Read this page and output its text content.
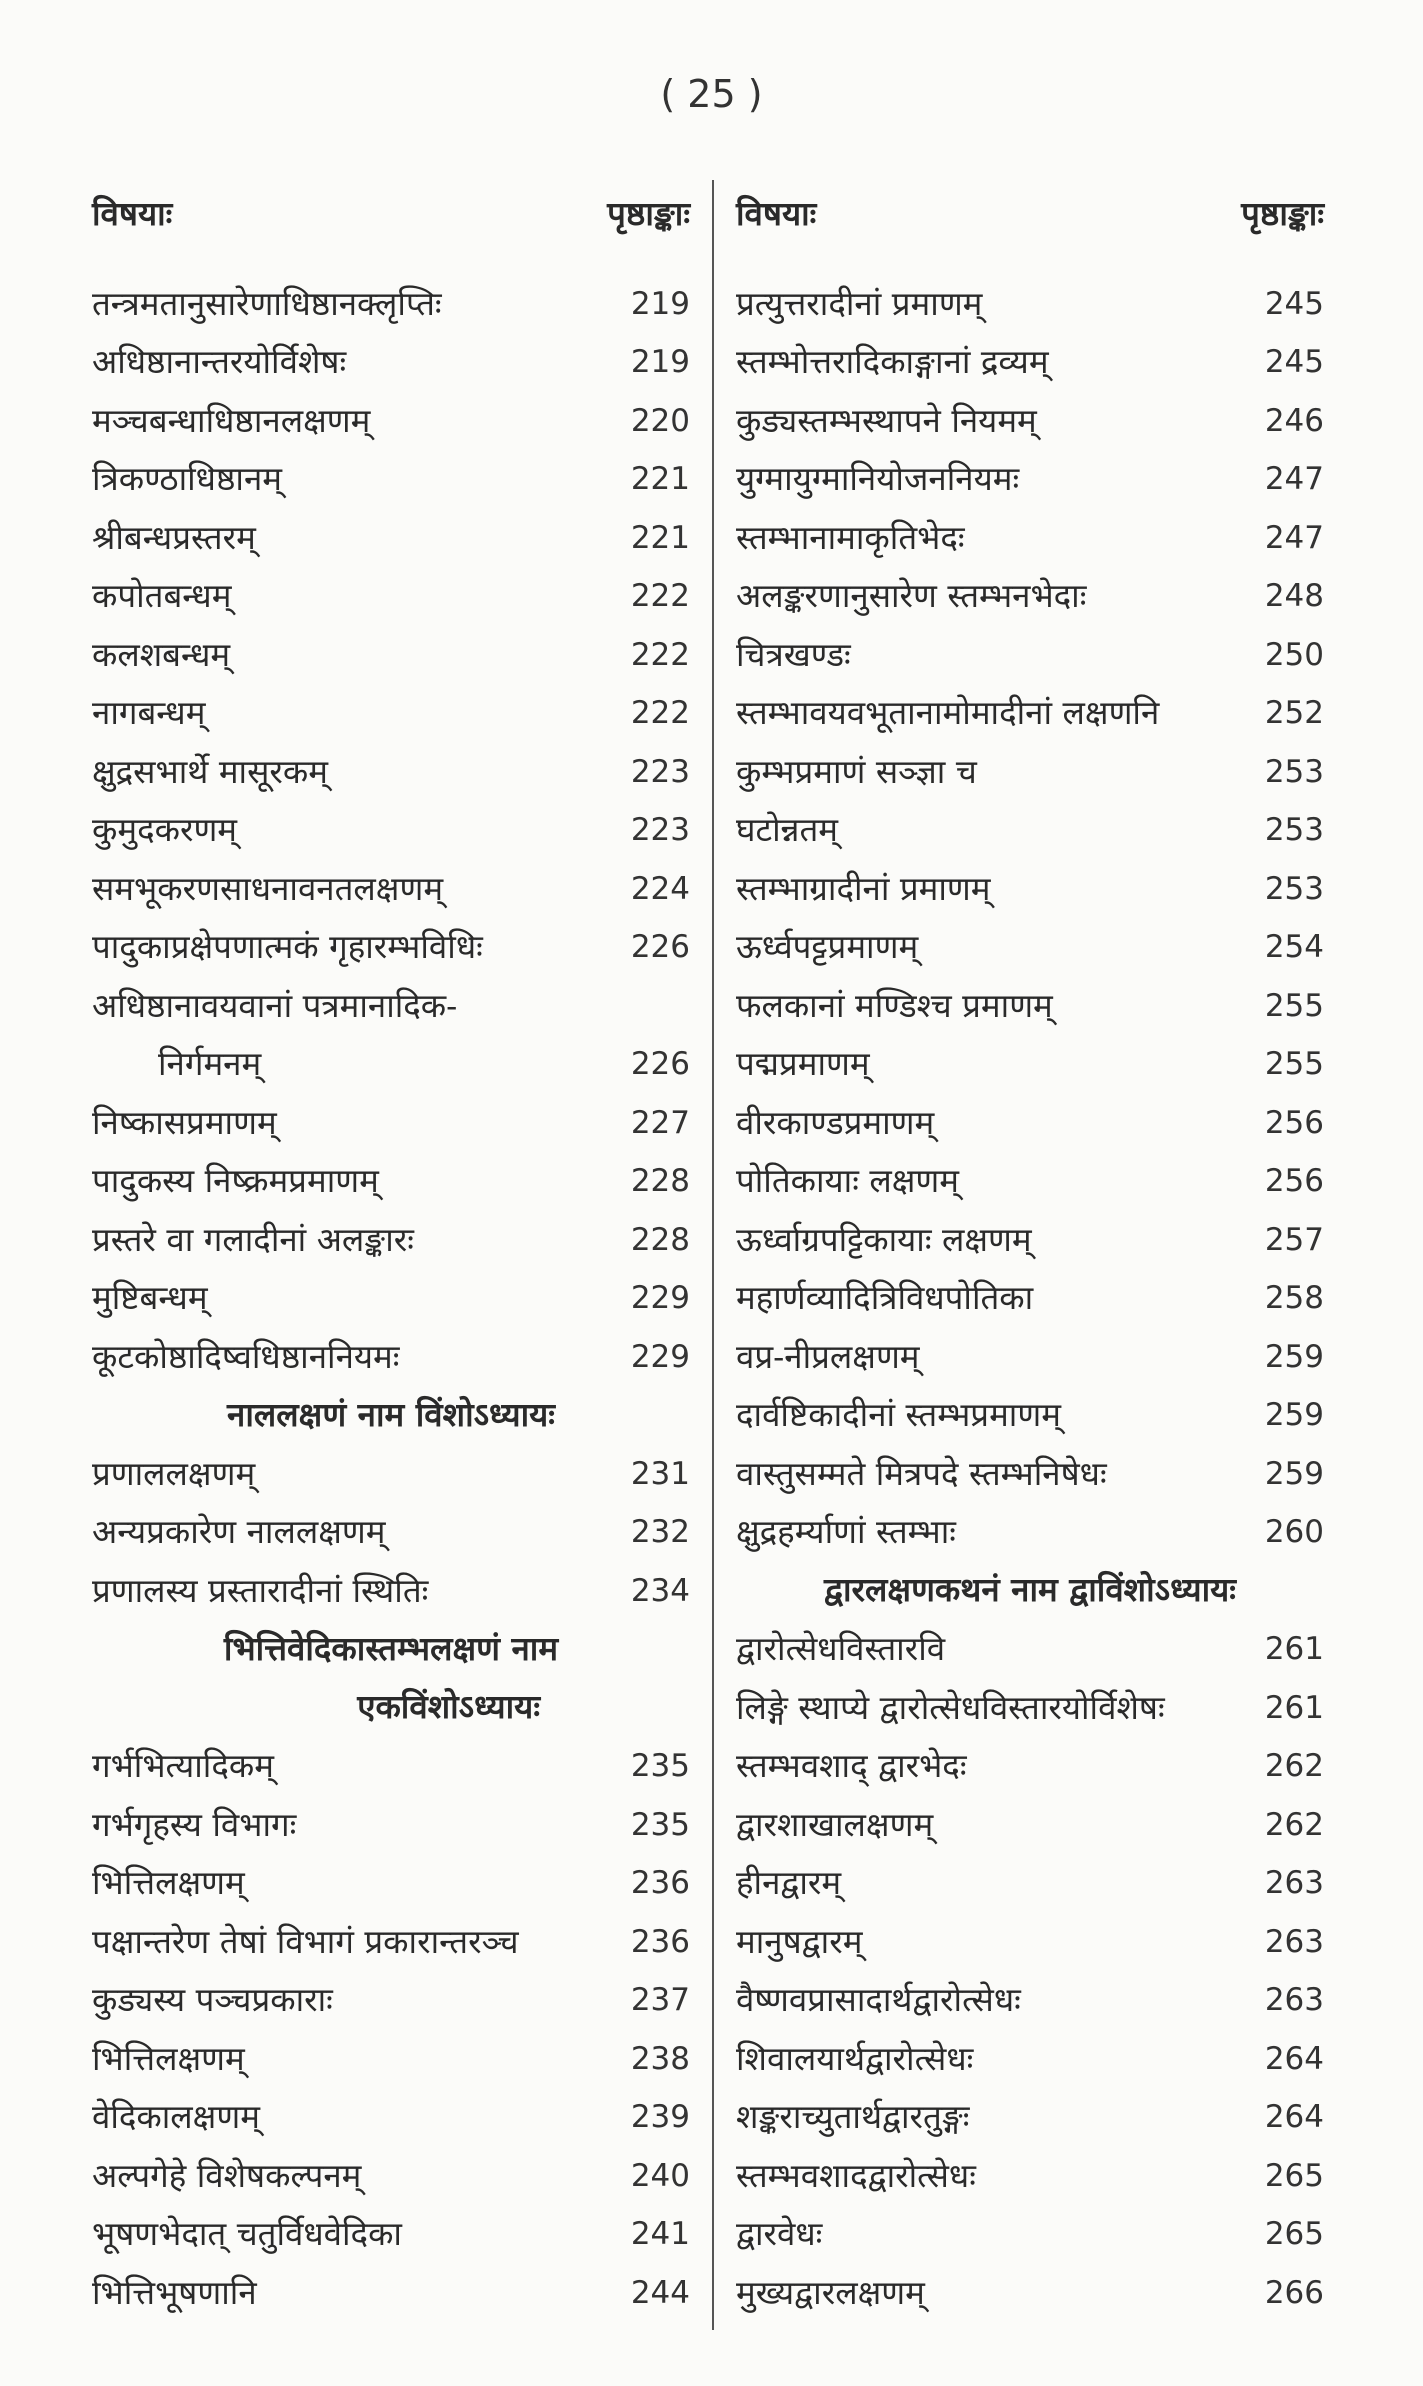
( 25 )
विषयाः	पृष्ठाङ्काः
तन्त्रमतानुसारेणाधिष्ठानक्लृप्तिः	219
अधिष्ठानान्तरयोर्विशेषः	219
मञ्चबन्धाधिष्ठानलक्षणम्	220
त्रिकण्ठाधिष्ठानम्	221
श्रीबन्धप्रस्तरम्	221
कपोतबन्धम्	222
कलशबन्धम्	222
नागबन्धम्	222
क्षुद्रसभार्थे मासूरकम्	223
कुमुदकरणम्	223
समभूकरणसाधनावनतलक्षणम्	224
पादुकाप्रक्षेपणात्मकं गृहारम्भविधिः	226
अधिष्ठानावयवानां पत्रमानादिक-
निर्गमनम्	226
निष्कासप्रमाणम्	227
पादुकस्य निष्क्रमप्रमाणम्	228
प्रस्तरे वा गलादीनां अलङ्कारः	228
मुष्टिबन्धम्	229
कूटकोष्ठादिष्वधिष्ठाननियमः	229
नाललक्षणं नाम विंशोऽध्यायः
प्रणाललक्षणम्	231
अन्यप्रकारेण नाललक्षणम्	232
प्रणालस्य प्रस्तारादीनां स्थितिः	234
भित्तिवेदिकास्तम्भलक्षणं नाम
एकविंशोऽध्यायः
गर्भभित्यादिकम्	235
गर्भगृहस्य विभागः	235
भित्तिलक्षणम्	236
पक्षान्तरेण तेषां विभागं प्रकारान्तरञ्च	236
कुड्यस्य पञ्चप्रकाराः	237
भित्तिलक्षणम्	238
वेदिकालक्षणम्	239
अल्पगेहे विशेषकल्पनम्	240
भूषणभेदात् चतुर्विधवेदिका	241
भित्तिभूषणानि	244
विषयाः	पृष्ठाङ्काः
प्रत्युत्तरादीनां प्रमाणम्	245
स्तम्भोत्तरादिकाङ्गानां द्रव्यम्	245
कुड्यस्तम्भस्थापने नियमम्	246
युग्मायुग्मानियोजननियमः	247
स्तम्भानामाकृतिभेदः	247
अलङ्करणानुसारेण स्तम्भनभेदाः	248
चित्रखण्डः	250
स्तम्भावयवभूतानामोमादीनां लक्षणनि	252
कुम्भप्रमाणं सञ्ज्ञा च	253
घटोन्नतम्	253
स्तम्भाग्रादीनां प्रमाणम्	253
ऊर्ध्वपट्टप्रमाणम्	254
फलकानां मण्डिश्च प्रमाणम्	255
पद्मप्रमाणम्	255
वीरकाण्डप्रमाणम्	256
पोतिकायाः लक्षणम्	256
ऊर्ध्वाग्रपट्टिकायाः लक्षणम्	257
महार्णव्यादित्रिविधपोतिका	258
वप्र-नीप्रलक्षणम्	259
दार्वष्टिकादीनां स्तम्भप्रमाणम्	259
वास्तुसम्मते मित्रपदे स्तम्भनिषेधः	259
क्षुद्रहर्म्याणां स्तम्भाः	260
द्वारलक्षणकथनं नाम द्वाविंशोऽध्यायः
द्वारोत्सेधविस्तारवि	261
लिङ्गे स्थाप्ये द्वारोत्सेधविस्तारयोर्विशेषः	261
स्तम्भवशाद् द्वारभेदः	262
द्वारशाखालक्षणम्	262
हीनद्वारम्	263
मानुषद्वारम्	263
वैष्णवप्रासादार्थद्वारोत्सेधः	263
शिवालयार्थद्वारोत्सेधः	264
शङ्कराच्युतार्थद्वारतुङ्गः	264
स्तम्भवशादद्वारोत्सेधः	265
द्वारवेधः	265
मुख्यद्वारलक्षणम्	266
